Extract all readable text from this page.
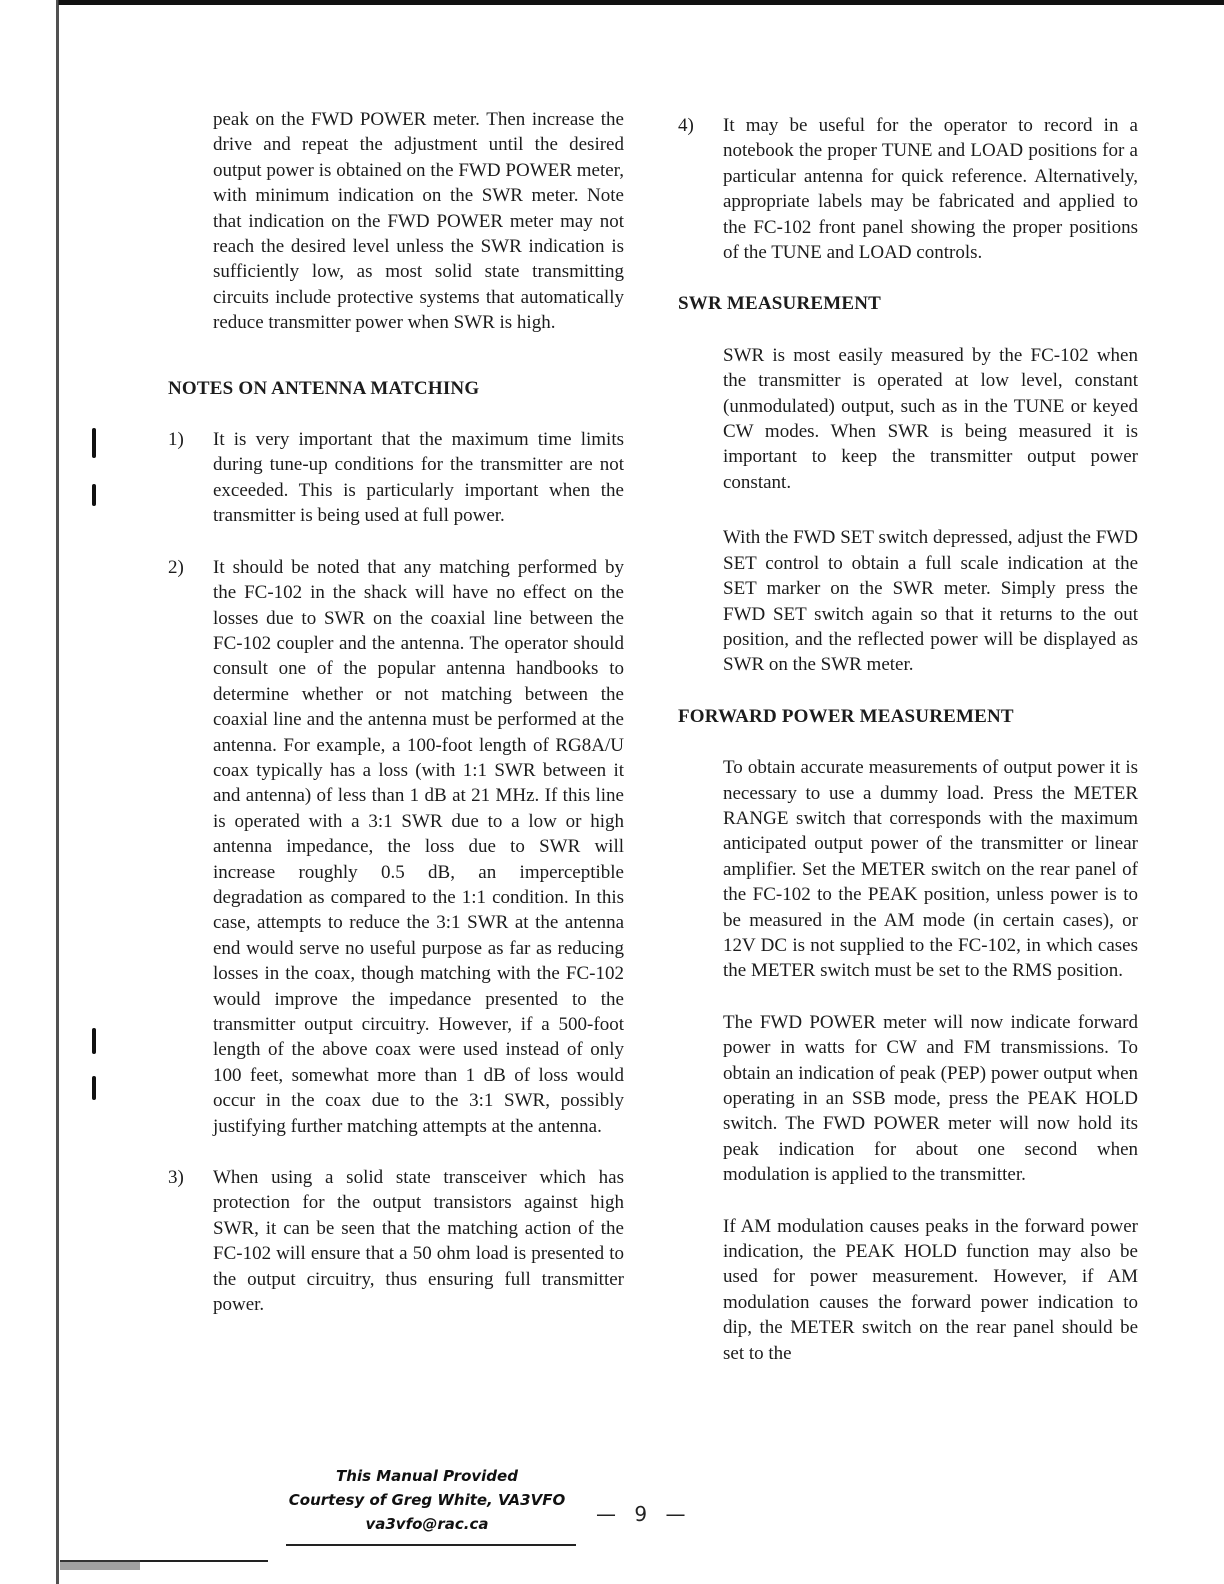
peak on the FWD POWER meter. Then increase the drive and repeat the adjustment until the desired output power is obtained on the FWD POWER meter, with minimum indication on the SWR meter. Note that indication on the FWD POWER meter may not reach the desired level unless the SWR indication is sufficiently low, as most solid state transmitting circuits include protective systems that automatically reduce transmitter power when SWR is high.

NOTES ON ANTENNA MATCHING
1) It is very important that the maximum time limits during tune-up conditions for the transmitter are not exceeded. This is particularly important when the transmitter is being used at full power.
2) It should be noted that any matching performed by the FC-102 in the shack will have no effect on the losses due to SWR on the coaxial line between the FC-102 coupler and the antenna. The operator should consult one of the popular antenna handbooks to determine whether or not matching between the coaxial line and the antenna must be performed at the antenna. For example, a 100-foot length of RG8A/U coax typically has a loss (with 1:1 SWR between it and antenna) of less than 1 dB at 21 MHz. If this line is operated with a 3:1 SWR due to a low or high antenna impedance, the loss due to SWR will increase roughly 0.5 dB, an imperceptible degradation as compared to the 1:1 condition. In this case, attempts to reduce the 3:1 SWR at the antenna end would serve no useful purpose as far as reducing losses in the coax, though matching with the FC-102 would improve the impedance presented to the transmitter output circuitry. However, if a 500-foot length of the above coax were used instead of only 100 feet, somewhat more than 1 dB of loss would occur in the coax due to the 3:1 SWR, possibly justifying further matching attempts at the antenna.
3) When using a solid state transceiver which has protection for the output transistors against high SWR, it can be seen that the matching action of the FC-102 will ensure that a 50 ohm load is presented to the output circuitry, thus ensuring full transmitter power.
4) It may be useful for the operator to record in a notebook the proper TUNE and LOAD positions for a particular antenna for quick reference. Alternatively, appropriate labels may be fabricated and applied to the FC-102 front panel showing the proper positions of the TUNE and LOAD controls.
SWR MEASUREMENT

SWR is most easily measured by the FC-102 when the transmitter is operated at low level, constant (unmodulated) output, such as in the TUNE or keyed CW modes. When SWR is being measured it is important to keep the transmitter output power constant.

With the FWD SET switch depressed, adjust the FWD SET control to obtain a full scale indication at the SET marker on the SWR meter. Simply press the FWD SET switch again so that it returns to the out position, and the reflected power will be displayed as SWR on the SWR meter.

FORWARD POWER MEASUREMENT

To obtain accurate measurements of output power it is necessary to use a dummy load. Press the METER RANGE switch that corresponds with the maximum anticipated output power of the transmitter or linear amplifier. Set the METER switch on the rear panel of the FC-102 to the PEAK position, unless power is to be measured in the AM mode (in certain cases), or 12V DC is not supplied to the FC-102, in which cases the METER switch must be set to the RMS position.

The FWD POWER meter will now indicate forward power in watts for CW and FM transmissions. To obtain an indication of peak (PEP) power output when operating in an SSB mode, press the PEAK HOLD switch. The FWD POWER meter will now hold its peak indication for about one second when modulation is applied to the transmitter.

If AM modulation causes peaks in the forward power indication, the PEAK HOLD function may also be used for power measurement. However, if AM modulation causes the forward power indication to dip, the METER switch on the rear panel should be set to the

This Manual Provided
Courtesy of Greg White, VA3VFO
va3vfo@rac.ca	— 9 —
